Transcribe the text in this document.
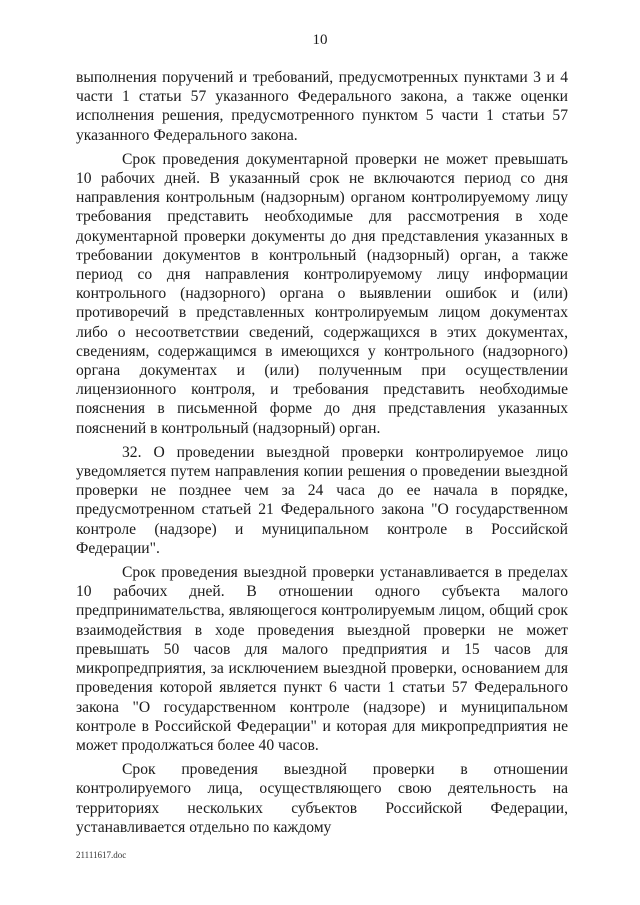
10

выполнения поручений и требований, предусмотренных пунктами 3 и 4 части 1 статьи 57 указанного Федерального закона, а также оценки исполнения решения, предусмотренного пунктом 5 части 1 статьи 57 указанного Федерального закона.

Срок проведения документарной проверки не может превышать 10 рабочих дней. В указанный срок не включаются период со дня направления контрольным (надзорным) органом контролируемому лицу требования представить необходимые для рассмотрения в ходе документарной проверки документы до дня представления указанных в требовании документов в контрольный (надзорный) орган, а также период со дня направления контролируемому лицу информации контрольного (надзорного) органа о выявлении ошибок и (или) противоречий в представленных контролируемым лицом документах либо о несоответствии сведений, содержащихся в этих документах, сведениям, содержащимся в имеющихся у контрольного (надзорного) органа документах и (или) полученным при осуществлении лицензионного контроля, и требования представить необходимые пояснения в письменной форме до дня представления указанных пояснений в контрольный (надзорный) орган.

32. О проведении выездной проверки контролируемое лицо уведомляется путем направления копии решения о проведении выездной проверки не позднее чем за 24 часа до ее начала в порядке, предусмотренном статьей 21 Федерального закона "О государственном контроле (надзоре) и муниципальном контроле в Российской Федерации".

Срок проведения выездной проверки устанавливается в пределах 10 рабочих дней. В отношении одного субъекта малого предпринимательства, являющегося контролируемым лицом, общий срок взаимодействия в ходе проведения выездной проверки не может превышать 50 часов для малого предприятия и 15 часов для микропредприятия, за исключением выездной проверки, основанием для проведения которой является пункт 6 части 1 статьи 57 Федерального закона "О государственном контроле (надзоре) и муниципальном контроле в Российской Федерации" и которая для микропредприятия не может продолжаться более 40 часов.

Срок проведения выездной проверки в отношении контролируемого лица, осуществляющего свою деятельность на территориях нескольких субъектов Российской Федерации, устанавливается отдельно по каждому

21111617.doc
